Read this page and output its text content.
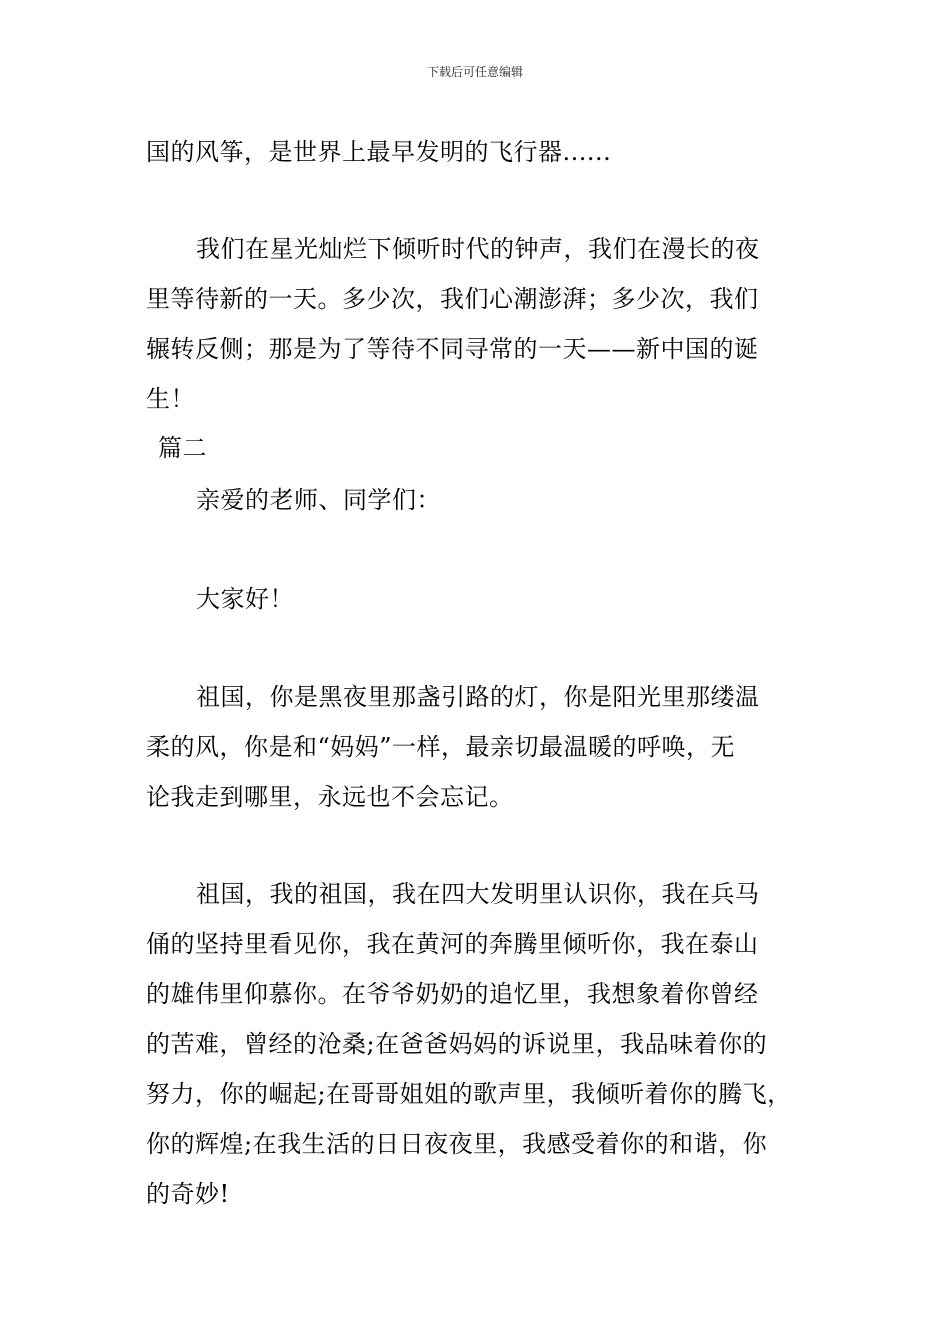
下载后可任意编辑
国的风筝，是世界上最早发明的飞行器......
我们在星光灿烂下倾听时代的钟声，我们在漫长的夜
里等待新的一天。多少次，我们心潮澎湃；多少次，我们
辗转反侧；那是为了等待不同寻常的一天——新中国的诞
生！
篇二
亲爱的老师、同学们：
大家好！
祖国，你是黑夜里那盏引路的灯，你是阳光里那缕温
柔的风，你是和“妈妈”一样，最亲切最温暖的呼唤，无
论我走到哪里，永远也不会忘记。
祖国，我的祖国，我在四大发明里认识你，我在兵马
俑的坚持里看见你，我在黄河的奔腾里倾听你，我在泰山
的雄伟里仰慕你。在爷爷奶奶的追忆里，我想象着你曾经
的苦难，曾经的沧桑;在爸爸妈妈的诉说里，我品味着你的
努力，你的崛起;在哥哥姐姐的歌声里，我倾听着你的腾飞，
你的辉煌;在我生活的日日夜夜里，我感受着你的和谐，你
的奇妙!
